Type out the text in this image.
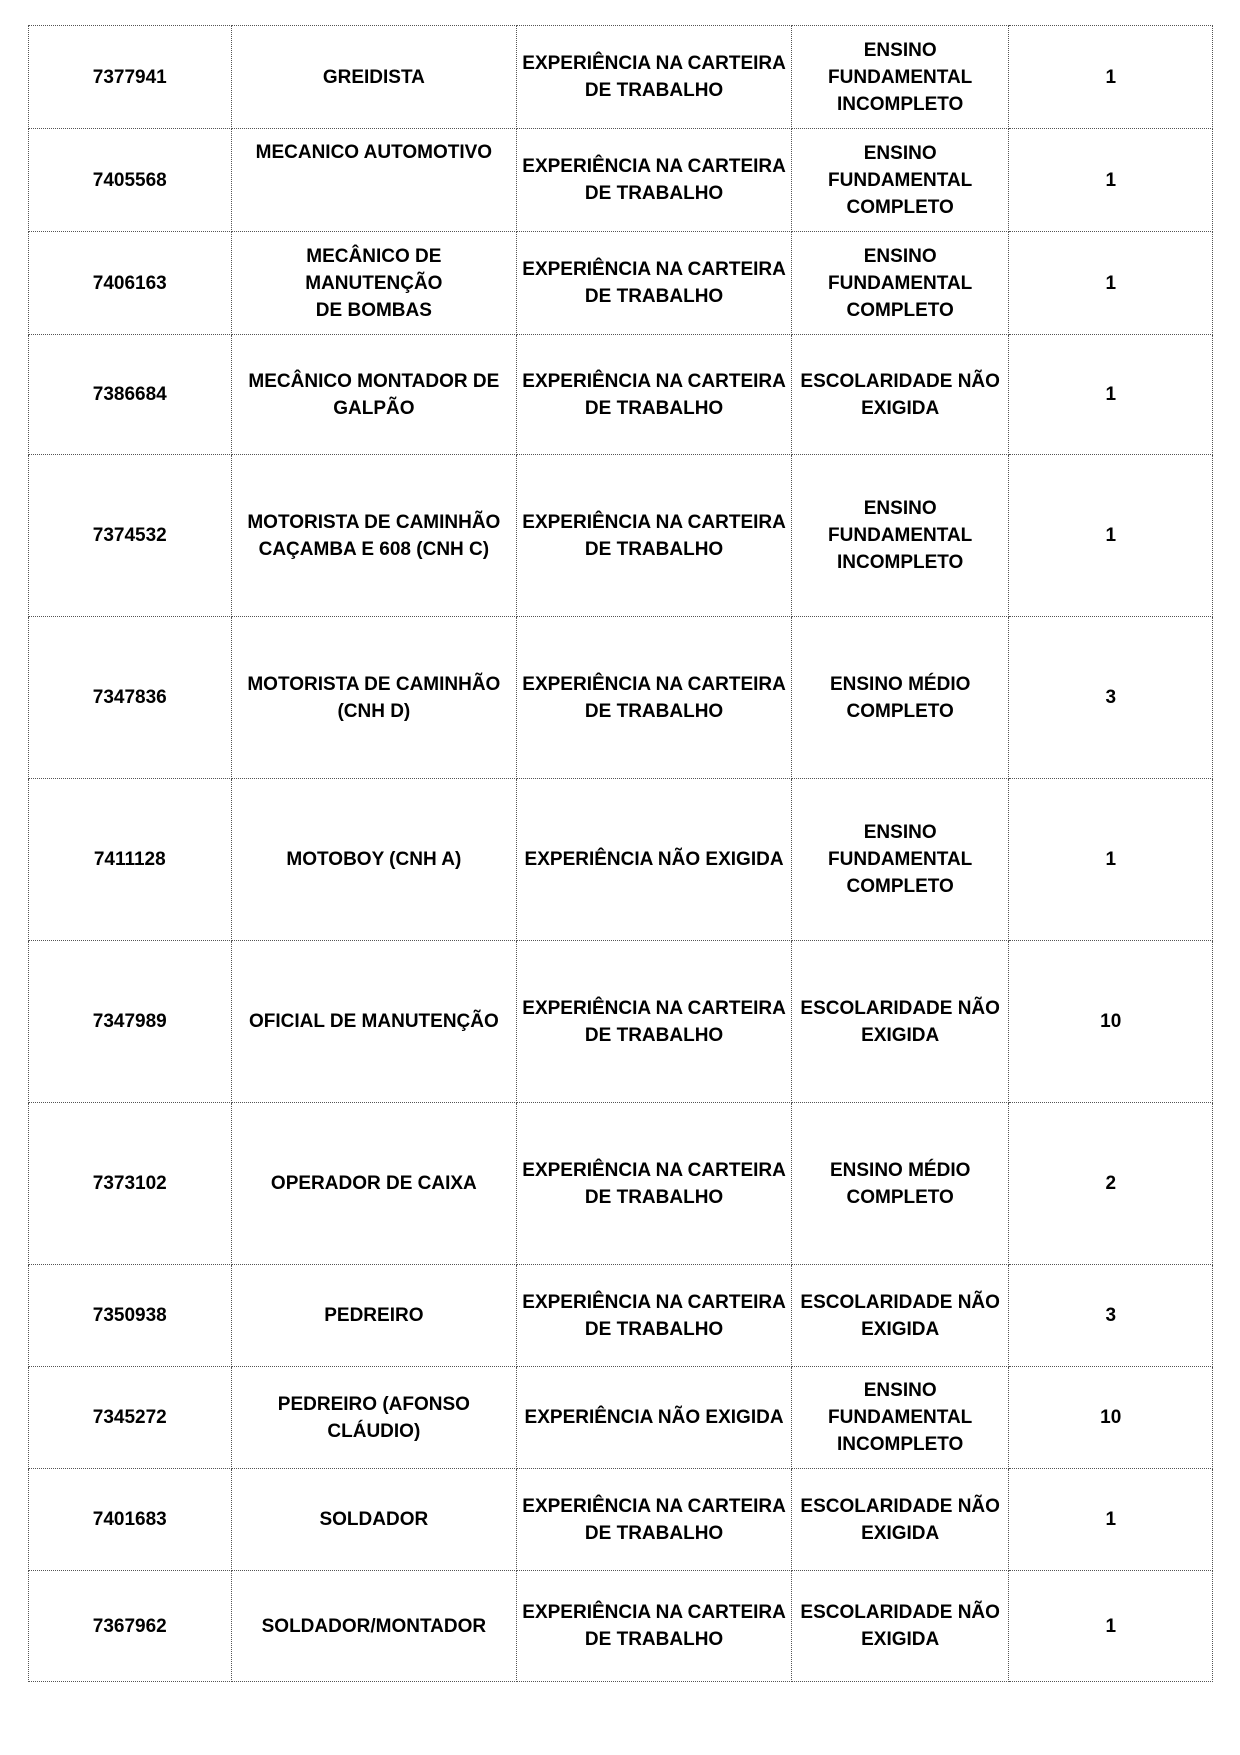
7377941	GREIDISTA	EXPERIÊNCIA NA CARTEIRA
DE TRABALHO	ENSINO
FUNDAMENTAL
INCOMPLETO	1
7405568	MECANICO AUTOMOTIVO	EXPERIÊNCIA NA CARTEIRA
DE TRABALHO	ENSINO
FUNDAMENTAL
COMPLETO	1
7406163	MECÂNICO DE MANUTENÇÃO
DE BOMBAS	EXPERIÊNCIA NA CARTEIRA
DE TRABALHO	ENSINO
FUNDAMENTAL
COMPLETO	1
7386684	MECÂNICO MONTADOR DE
GALPÃO	EXPERIÊNCIA NA CARTEIRA
DE TRABALHO	ESCOLARIDADE NÃO
EXIGIDA	1
7374532	MOTORISTA DE CAMINHÃO
CAÇAMBA E 608 (CNH C)	EXPERIÊNCIA NA CARTEIRA
DE TRABALHO	ENSINO
FUNDAMENTAL
INCOMPLETO	1
7347836	MOTORISTA DE CAMINHÃO
(CNH D)	EXPERIÊNCIA NA CARTEIRA
DE TRABALHO	ENSINO MÉDIO
COMPLETO	3
7411128	MOTOBOY (CNH A)	EXPERIÊNCIA NÃO EXIGIDA	ENSINO
FUNDAMENTAL
COMPLETO	1
7347989	OFICIAL DE MANUTENÇÃO	EXPERIÊNCIA NA CARTEIRA
DE TRABALHO	ESCOLARIDADE NÃO
EXIGIDA	10
7373102	OPERADOR DE CAIXA	EXPERIÊNCIA NA CARTEIRA
DE TRABALHO	ENSINO MÉDIO
COMPLETO	2
7350938	PEDREIRO	EXPERIÊNCIA NA CARTEIRA
DE TRABALHO	ESCOLARIDADE NÃO
EXIGIDA	3
7345272	PEDREIRO (AFONSO CLÁUDIO)	EXPERIÊNCIA NÃO EXIGIDA	ENSINO
FUNDAMENTAL
INCOMPLETO	10
7401683	SOLDADOR	EXPERIÊNCIA NA CARTEIRA
DE TRABALHO	ESCOLARIDADE NÃO
EXIGIDA	1
7367962	SOLDADOR/MONTADOR	EXPERIÊNCIA NA CARTEIRA
DE TRABALHO	ESCOLARIDADE NÃO
EXIGIDA	1
